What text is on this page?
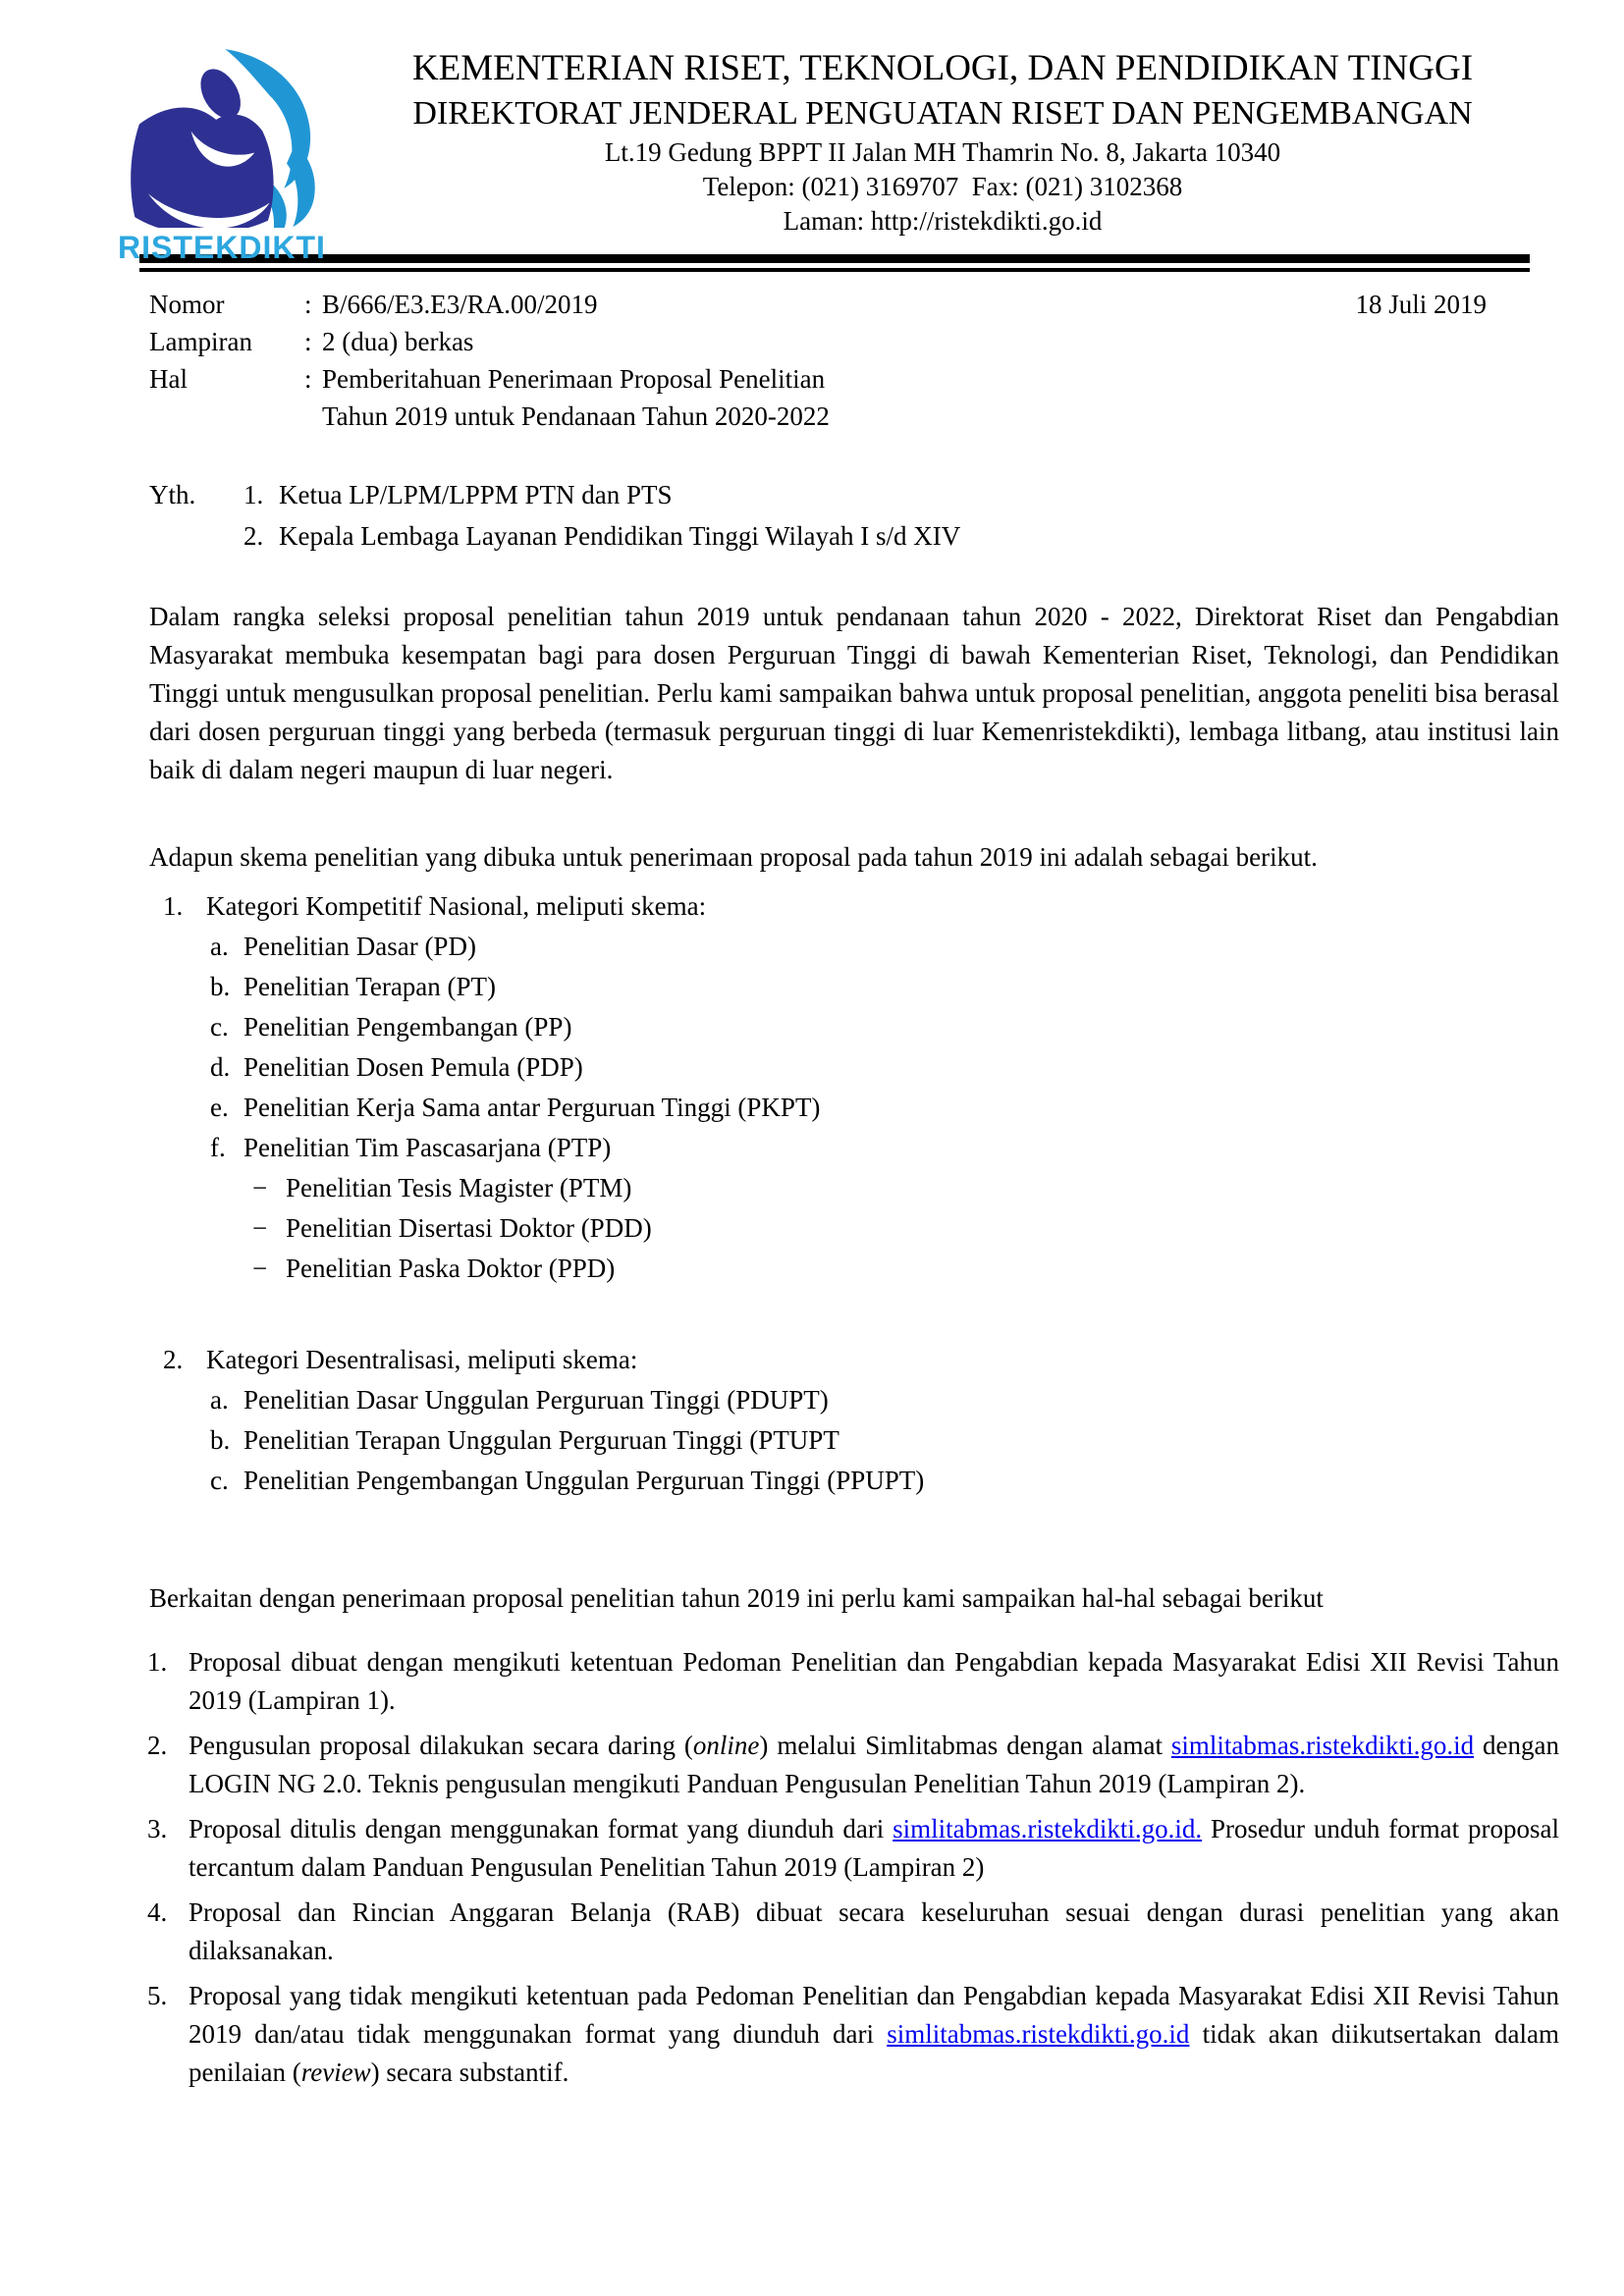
RISTEKDIKTI
KEMENTERIAN RISET, TEKNOLOGI, DAN PENDIDIKAN TINGGI
DIREKTORAT JENDERAL PENGUATAN RISET DAN PENGEMBANGAN
Lt.19 Gedung BPPT II Jalan MH Thamrin No. 8, Jakarta 10340
Telepon: (021) 3169707  Fax: (021) 3102368
Laman: http://ristekdikti.go.id
18 Juli 2019
Nomor	: B/666/E3.E3/RA.00/2019
Lampiran	: 2 (dua) berkas
Hal	: Pemberitahuan Penerimaan Proposal Penelitian
Tahun 2019 untuk Pendanaan Tahun 2020-2022
Yth.	1. Ketua LP/LPM/LPPM PTN dan PTS
2. Kepala Lembaga Layanan Pendidikan Tinggi Wilayah I s/d XIV
Dalam rangka seleksi proposal penelitian tahun 2019 untuk pendanaan tahun 2020 - 2022, Direktorat Riset dan Pengabdian Masyarakat membuka kesempatan bagi para dosen Perguruan Tinggi di bawah Kementerian Riset, Teknologi, dan Pendidikan Tinggi untuk mengusulkan proposal penelitian. Perlu kami sampaikan bahwa untuk proposal penelitian, anggota peneliti bisa berasal dari dosen perguruan tinggi yang berbeda (termasuk perguruan tinggi di luar Kemenristekdikti), lembaga litbang, atau institusi lain baik di dalam negeri maupun di luar negeri.
Adapun skema penelitian yang dibuka untuk penerimaan proposal pada tahun 2019 ini adalah sebagai berikut.
1. Kategori Kompetitif Nasional, meliputi skema:
a. Penelitian Dasar (PD)
b. Penelitian Terapan (PT)
c. Penelitian Pengembangan (PP)
d. Penelitian Dosen Pemula (PDP)
e. Penelitian Kerja Sama antar Perguruan Tinggi (PKPT)
f. Penelitian Tim Pascasarjana (PTP)
− Penelitian Tesis Magister (PTM)
− Penelitian Disertasi Doktor (PDD)
− Penelitian Paska Doktor (PPD)
2. Kategori Desentralisasi, meliputi skema:
a. Penelitian Dasar Unggulan Perguruan Tinggi (PDUPT)
b. Penelitian Terapan Unggulan Perguruan Tinggi (PTUPT
c. Penelitian Pengembangan Unggulan Perguruan Tinggi (PPUPT)
Berkaitan dengan penerimaan proposal penelitian tahun 2019 ini perlu kami sampaikan hal-hal sebagai berikut
1. Proposal dibuat dengan mengikuti ketentuan Pedoman Penelitian dan Pengabdian kepada Masyarakat Edisi XII Revisi Tahun 2019 (Lampiran 1).
2. Pengusulan proposal dilakukan secara daring (online) melalui Simlitabmas dengan alamat simlitabmas.ristekdikti.go.id dengan LOGIN NG 2.0. Teknis pengusulan mengikuti Panduan Pengusulan Penelitian Tahun 2019 (Lampiran 2).
3. Proposal ditulis dengan menggunakan format yang diunduh dari simlitabmas.ristekdikti.go.id. Prosedur unduh format proposal tercantum dalam Panduan Pengusulan Penelitian Tahun 2019 (Lampiran 2)
4. Proposal dan Rincian Anggaran Belanja (RAB) dibuat secara keseluruhan sesuai dengan durasi penelitian yang akan dilaksanakan.
5. Proposal yang tidak mengikuti ketentuan pada Pedoman Penelitian dan Pengabdian kepada Masyarakat Edisi XII Revisi Tahun 2019 dan/atau tidak menggunakan format yang diunduh dari simlitabmas.ristekdikti.go.id tidak akan diikutsertakan dalam penilaian (review) secara substantif.
